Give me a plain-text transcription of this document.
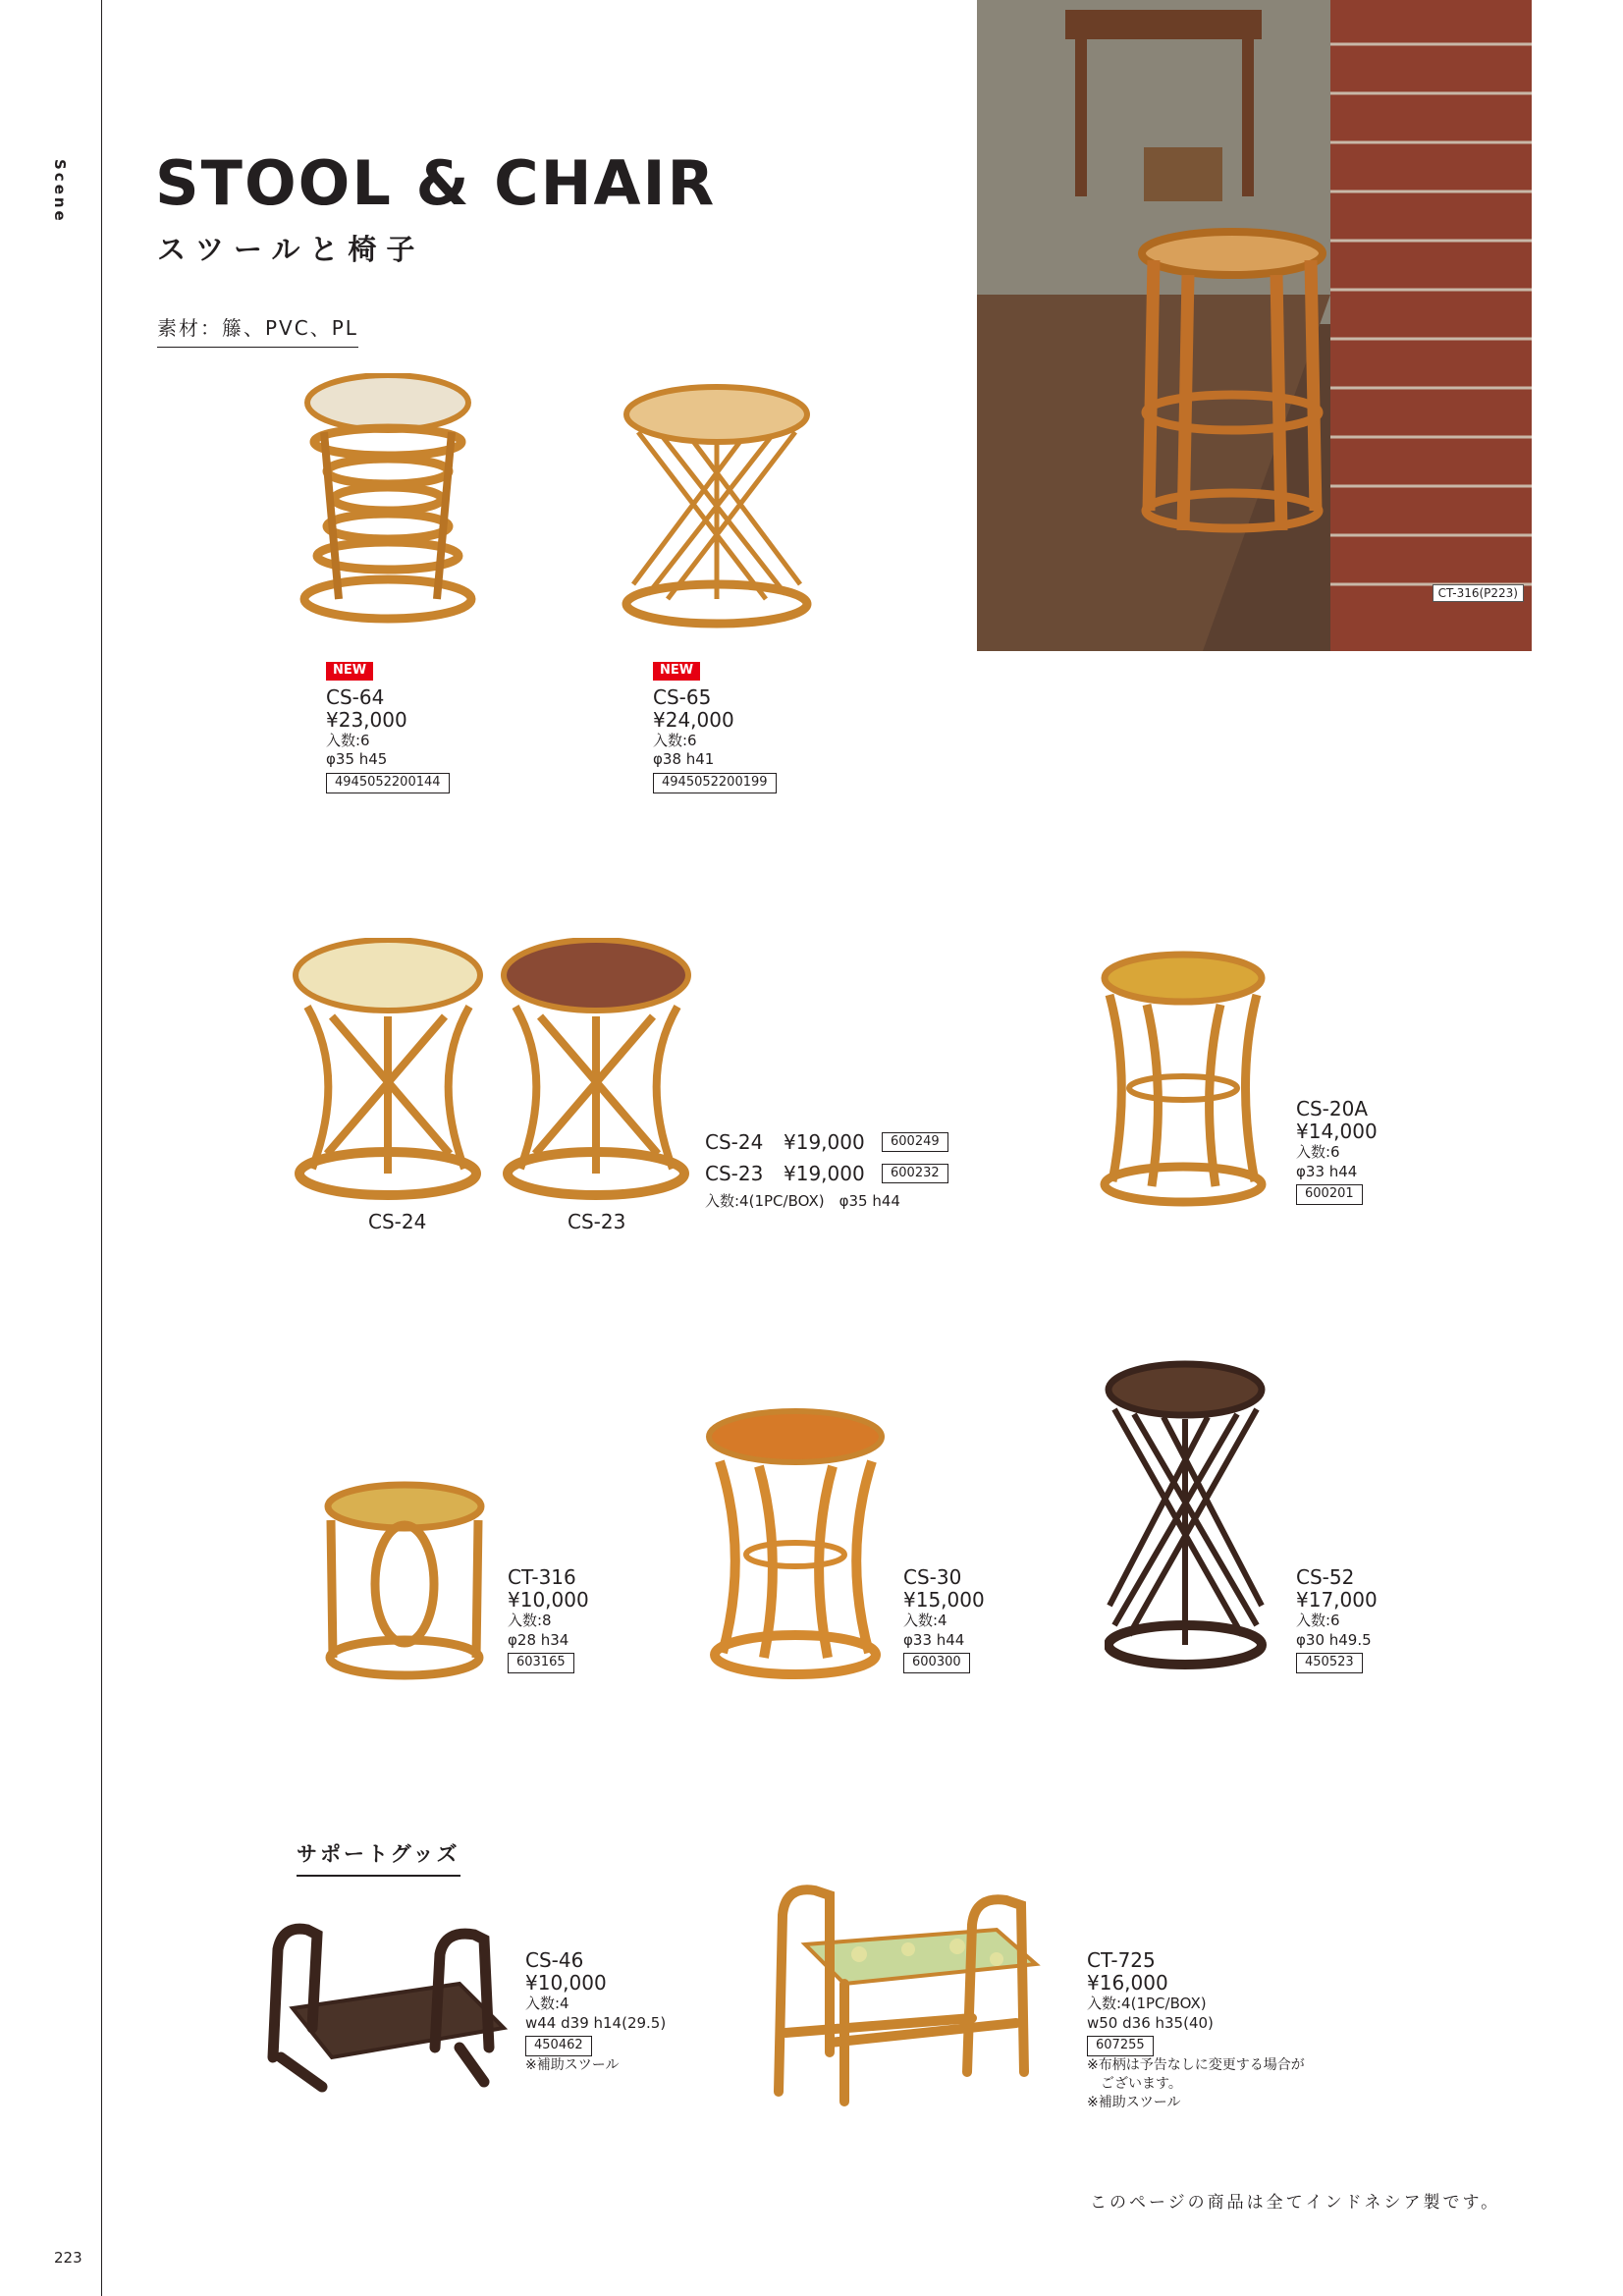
Scene
223
STOOL & CHAIR
スツールと椅子
素材：籐、PVC、PL
CT-316(P223)
NEW
CS-64
¥23,000
入数:6
φ35 h45
4945052200144
NEW
CS-65
¥24,000
入数:6
φ38 h41
4945052200199
CS-24	CS-23
CS-24	¥19,000	600249
CS-23	¥19,000	600232
入数:4(1PC/BOX)　φ35 h44
CS-20A
¥14,000
入数:6
φ33 h44
600201
CT-316
¥10,000
入数:8
φ28 h34
603165
CS-30
¥15,000
入数:4
φ33 h44
600300
CS-52
¥17,000
入数:6
φ30 h49.5
450523
サポートグッズ
CS-46
¥10,000
入数:4
w44 d39 h14(29.5)
450462
※補助スツール
CT-725
¥16,000
入数:4(1PC/BOX)
w50 d36 h35(40)
607255
※布柄は予告なしに変更する場合が
ございます。
※補助スツール
このページの商品は全てインドネシア製です。
